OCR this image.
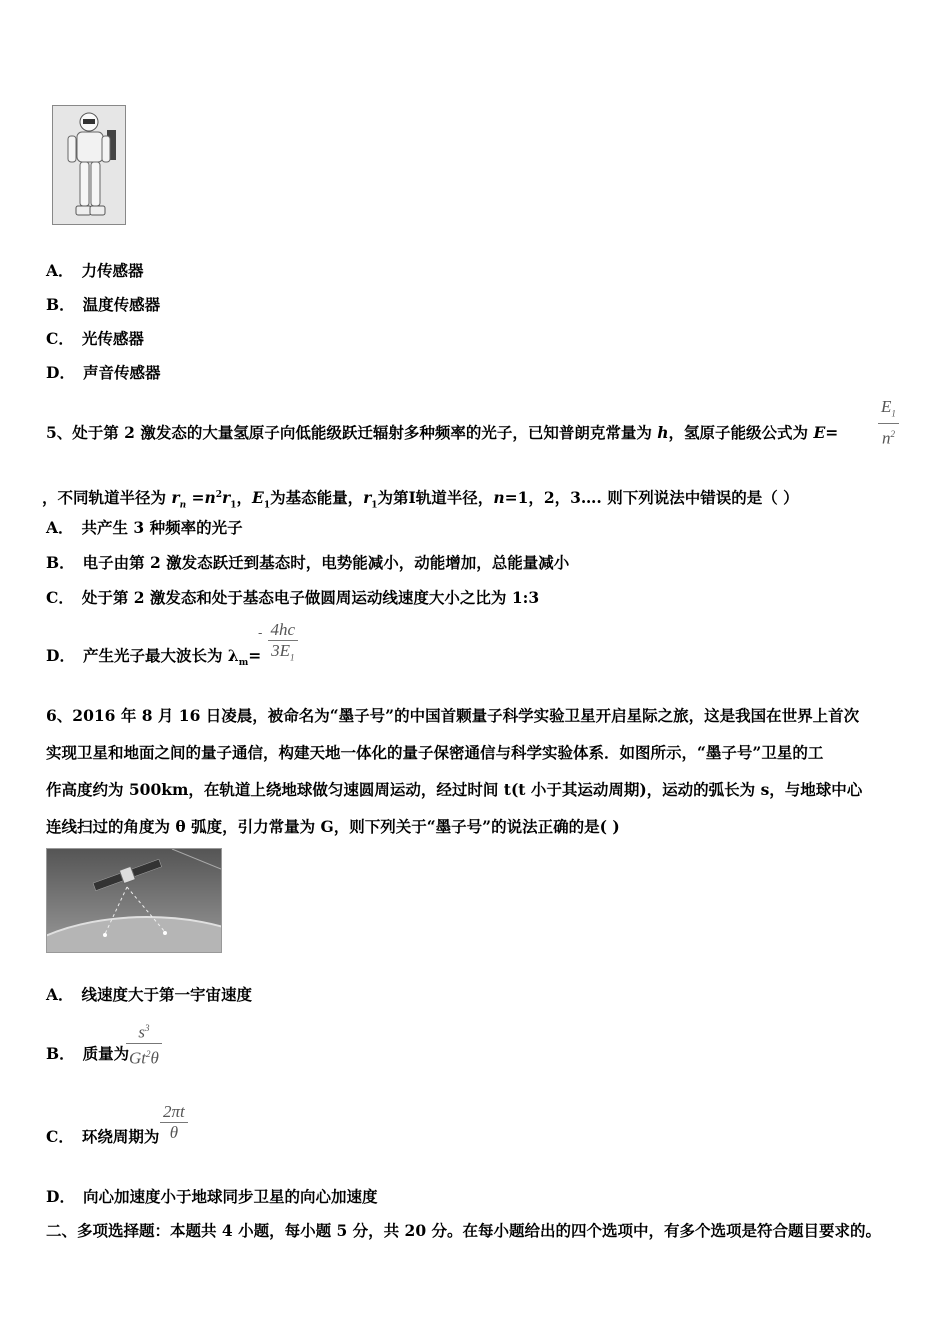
A． 力传感器
B． 温度传感器
C． 光传感器
D． 声音传感器
5、处于第 2 激发态的大量氢原子向低能级跃迁辐射多种频率的光子，已知普朗克常量为 h，氢原子能级公式为 $E= \frac{E_1}{n^2}$
，不同轨道半径为 $r_n =n^2r_1$，$E_1$为基态能量，$r_1$为第Ⅰ轨道半径，n=1，2，3…. 则下列说法中错误的是（ ）
A． 共产生 3 种频率的光子
B． 电子由第 2 激发态跃迁到基态时，电势能减小，动能增加，总能量减小
C． 处于第 2 激发态和处于基态电子做圆周运动线速度大小之比为 1:3
D． 产生光子最大波长为 $\lambda_m=$
$^- \frac{4hc}{3E_1}$
6、2016 年 8 月 16 日凌晨，被命名为“墨子号”的中国首颗量子科学实验卫星开启星际之旅，这是我国在世界上首次
实现卫星和地面之间的量子通信，构建天地一体化的量子保密通信与科学实验体系．如图所示，“墨子号”卫星的工
作高度约为 500km，在轨道上绕地球做匀速圆周运动，经过时间 t(t 小于其运动周期)，运动的弧长为 s，与地球中心
连线扫过的角度为 θ 弧度，引力常量为 G，则下列关于“墨子号”的说法正确的是( )
A． 线速度大于第一宇宙速度
B． 质量为
$\frac{s^3}{Gt^2\theta}$
C． 环绕周期为 $\frac{2\pi t}{\theta}$
D． 向心加速度小于地球同步卫星的向心加速度
二、多项选择题：本题共 4 小题，每小题 5 分，共 20 分。在每小题给出的四个选项中，有多个选项是符合题目要求的。
